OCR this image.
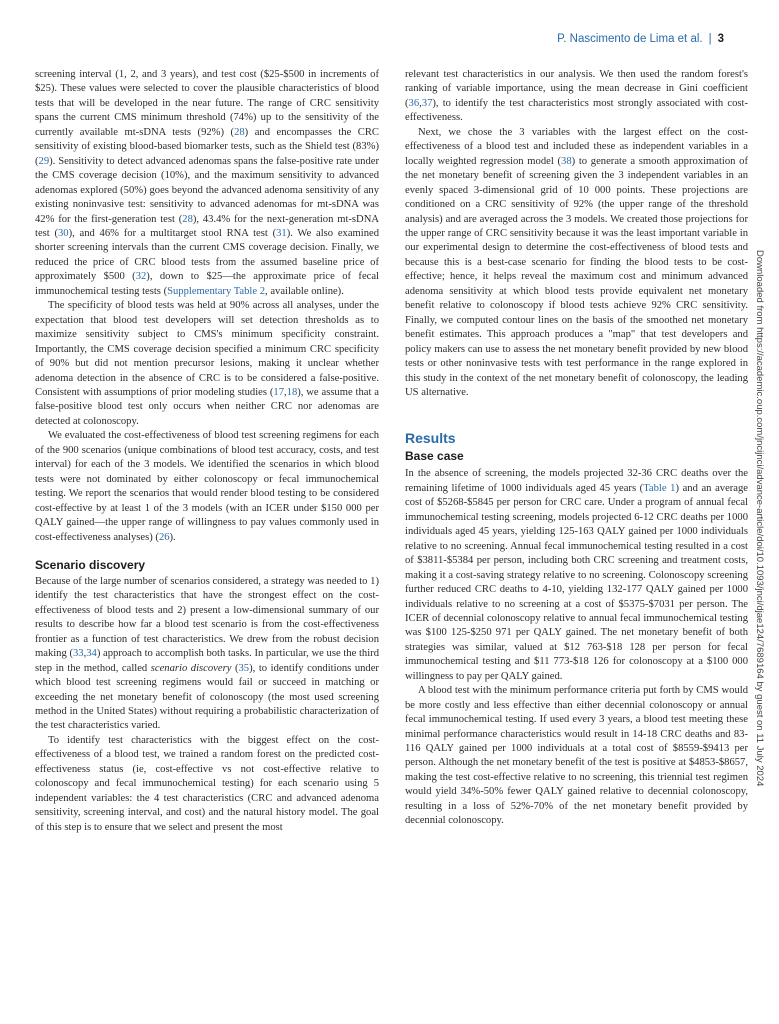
P. Nascimento de Lima et al. | 3

screening interval (1, 2, and 3 years), and test cost ($25-$500 in increments of $25). These values were selected to cover the plausible characteristics of blood tests that will be developed in the near future. The range of CRC sensitivity spans the current CMS minimum threshold (74%) up to the sensitivity of the currently available mt-sDNA tests (92%) (28) and encompasses the CRC sensitivity of existing blood-based biomarker tests, such as the Shield test (83%) (29). Sensitivity to detect advanced adenomas spans the false-positive rate under the CMS coverage decision (10%), and the maximum sensitivity to advanced adenomas explored (50%) goes beyond the advanced adenoma sensitivity of any existing noninvasive test: sensitivity to advanced adenomas for mt-sDNA was 42% for the first-generation test (28), 43.4% for the next-generation mt-sDNA test (30), and 46% for a multitarget stool RNA test (31). We also examined shorter screening intervals than the current CMS coverage decision. Finally, we reduced the price of CRC blood tests from the assumed baseline price of approximately $500 (32), down to $25—the approximate price of fecal immunochemical testing tests (Supplementary Table 2, available online).

The specificity of blood tests was held at 90% across all analyses, under the expectation that blood test developers will set detection thresholds as to maximize sensitivity subject to CMS's minimum specificity constraint. Importantly, the CMS coverage decision specified a minimum CRC specificity of 90% but did not mention precursor lesions, making it unclear whether adenoma detection in the absence of CRC is to be considered a false-positive. Consistent with assumptions of prior modeling studies (17,18), we assume that a false-positive blood test only occurs when neither CRC nor adenomas are detected at colonoscopy.

We evaluated the cost-effectiveness of blood test screening regimens for each of the 900 scenarios (unique combinations of blood test accuracy, costs, and test interval) for each of the 3 models. We identified the scenarios in which blood tests were not dominated by either colonoscopy or fecal immunochemical testing. We report the scenarios that would render blood testing to be considered cost-effective by at least 1 of the 3 models (with an ICER under $150 000 per QALY gained—the upper range of willingness to pay values commonly used in cost-effectiveness analyses) (26).

Scenario discovery

Because of the large number of scenarios considered, a strategy was needed to 1) identify the test characteristics that have the strongest effect on the cost-effectiveness of blood tests and 2) present a low-dimensional summary of our results to describe how far a blood test scenario is from the cost-effectiveness frontier as a function of test characteristics. We drew from the robust decision making (33,34) approach to accomplish both tasks. In particular, we use the third step in the method, called scenario discovery (35), to identify conditions under which blood test screening regimens would fail or succeed in matching or exceeding the net monetary benefit of colonoscopy (the most used screening method in the United States) without requiring a probabilistic characterization of the test characteristics varied.

To identify test characteristics with the biggest effect on the cost-effectiveness of a blood test, we trained a random forest on the predicted cost-effectiveness status (ie, cost-effective vs not cost-effective relative to colonoscopy and fecal immunochemical testing) for each scenario using 5 independent variables: the 4 test characteristics (CRC and advanced adenoma sensitivity, screening interval, and cost) and the natural history model. The goal of this step is to ensure that we select and present the most

relevant test characteristics in our analysis. We then used the random forest's ranking of variable importance, using the mean decrease in Gini coefficient (36,37), to identify the test characteristics most strongly associated with cost-effectiveness.

Next, we chose the 3 variables with the largest effect on the cost-effectiveness of a blood test and included these as independent variables in a locally weighted regression model (38) to generate a smooth approximation of the net monetary benefit of screening given the 3 independent variables in an evenly spaced 3-dimensional grid of 10 000 points. These projections are conditioned on a CRC sensitivity of 92% (the upper range of the threshold analysis) and are averaged across the 3 models. We created those projections for the upper range of CRC sensitivity because it was the least important variable in our experimental design to determine the cost-effectiveness of blood tests and because this is a best-case scenario for finding the blood tests to be cost-effective; hence, it helps reveal the maximum cost and minimum advanced adenoma sensitivity at which blood tests provide equivalent net monetary benefit relative to colonoscopy if blood tests achieve 92% CRC sensitivity. Finally, we computed contour lines on the basis of the smoothed net monetary benefit estimates. This approach produces a "map" that test developers and policy makers can use to assess the net monetary benefit provided by new blood tests or other noninvasive tests with test performance in the range explored in this study in the context of the net monetary benefit of colonoscopy, the leading US alternative.

Results
Base case

In the absence of screening, the models projected 32-36 CRC deaths over the remaining lifetime of 1000 individuals aged 45 years (Table 1) and an average cost of $5268-$5845 per person for CRC care. Under a program of annual fecal immunochemical testing screening, models projected 6-12 CRC deaths per 1000 individuals aged 45 years, yielding 125-163 QALY gained per 1000 individuals relative to no screening. Annual fecal immunochemical testing resulted in a cost of $3811-$5384 per person, including both CRC screening and treatment costs, making it a cost-saving strategy relative to no screening. Colonoscopy screening further reduced CRC deaths to 4-10, yielding 132-177 QALY gained per 1000 individuals relative to no screening at a cost of $5375-$7031 per person. The ICER of decennial colonoscopy relative to annual fecal immunochemical testing was $100 125-$250 971 per QALY gained. The net monetary benefit of both strategies was similar, valued at $12 763-$18 128 per person for fecal immunochemical testing and $11 773-$18 126 for colonoscopy at a $100 000 willingness to pay per QALY gained.

A blood test with the minimum performance criteria put forth by CMS would be more costly and less effective than either decennial colonoscopy or annual fecal immunochemical testing. If used every 3 years, a blood test meeting these minimal performance characteristics would result in 14-18 CRC deaths and 83-116 QALY gained per 1000 individuals at a total cost of $8559-$9413 per person. Although the net monetary benefit of the test is positive at $4853-$8657, making the test cost-effective relative to no screening, this triennial test regimen would yield 34%-50% fewer QALY gained relative to decennial colonoscopy, resulting in a loss of 52%-70% of the net monetary benefit provided by decennial colonoscopy.

Downloaded from https://academic.oup.com/jncijnci/advance-article/doi/10.1093/jnci/djae124/7689164 by guest on 11 July 2024
